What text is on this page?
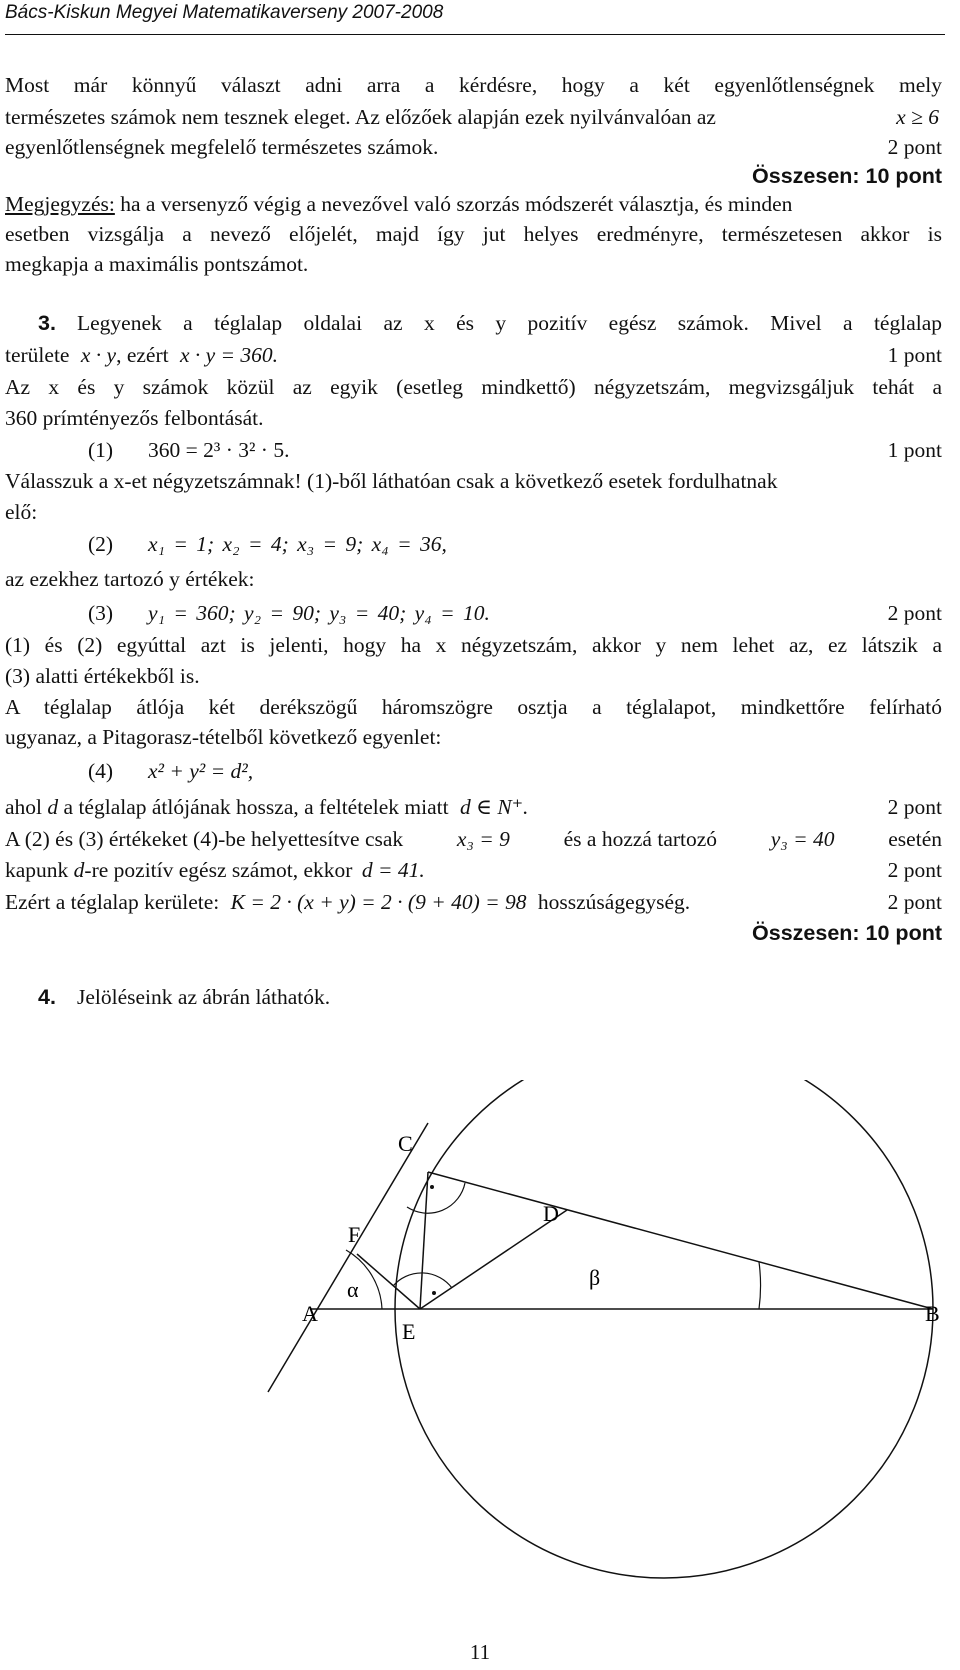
Bács-Kiskun Megyei Matematikaverseny 2007-2008
Most már könnyű választ adni arra a kérdésre, hogy a két egyenlőtlenségnek mely
természetes számok nem tesznek eleget. Az előzőek alapján ezek nyilvánvalóan az	x ≥ 6
egyenlőtlenségnek megfelelő természetes számok.	2 pont
Összesen: 10 pont
Megjegyzés: ha a versenyző végig a nevezővel való szorzás módszerét választja, és minden
esetben vizsgálja a nevező előjelét, majd így jut helyes eredményre, természetesen akkor is
megkapja a maximális pontszámot.
3. Legyenek a téglalap oldalai az x és y pozitív egész számok. Mivel a téglalap
területe x · y, ezért x · y = 360.	1 pont
Az x és y számok közül az egyik (esetleg mindkettő) négyzetszám, megvizsgáljuk tehát a
360 prímtényezős felbontását.
(1) 360 = 2³ · 3² · 5.	1 pont
Válasszuk a x-et négyzetszámnak! (1)-ből láthatóan csak a következő esetek fordulhatnak
elő:
(2) x₁ = 1; x₂ = 4; x₃ = 9; x₄ = 36,
az ezekhez tartozó y értékek:
(3) y₁ = 360; y₂ = 90; y₃ = 40; y₄ = 10.	2 pont
(1) és (2) egyúttal azt is jelenti, hogy ha x négyzetszám, akkor y nem lehet az, ez látszik a
(3) alatti értékekből is.
A téglalap átlója két derékszögű háromszögre osztja a téglalapot, mindkettőre felírható
ugyanaz, a Pitagorasz-tételből következő egyenlet:
(4) x² + y² = d²,
ahol d a téglalap átlójának hossza, a feltételek miatt d ∈ N⁺.	2 pont
A (2) és (3) értékeket (4)-be helyettesítve csak x₃ = 9 és a hozzá tartozó y₃ = 40 esetén
kapunk d-re pozitív egész számot, ekkor d = 41.	2 pont
Ezért a téglalap kerülete: K = 2 · (x + y) = 2 · (9 + 40) = 98 hosszúságegység.	2 pont
Összesen: 10 pont
4. Jelöléseink az ábrán láthatók.
C
D
F
A
E
B
α	β
11
